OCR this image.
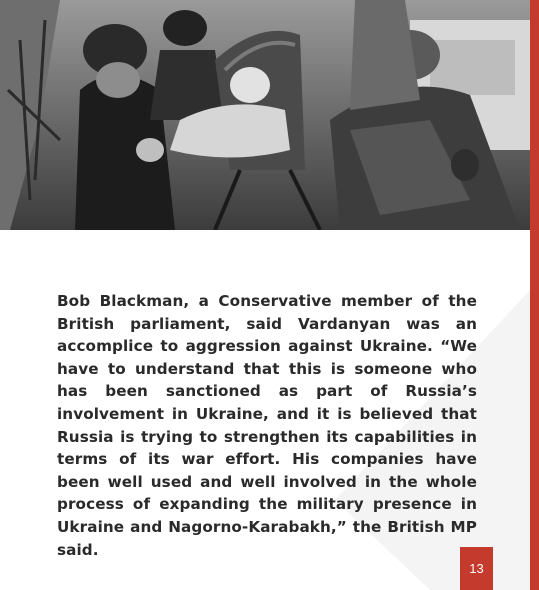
Bob Blackman, a Conservative member of the British parliament, said Vardanyan was an accomplice to aggression against Ukraine. “We have to understand that this is someone who has been sanctioned as part of Russia’s involvement in Ukraine, and it is believed that Russia is trying to strengthen its capabilities in terms of its war effort. His companies have been well used and well involved in the whole process of expanding the military presence in Ukraine and Nagorno-Karabakh,” the British MP said.

13
